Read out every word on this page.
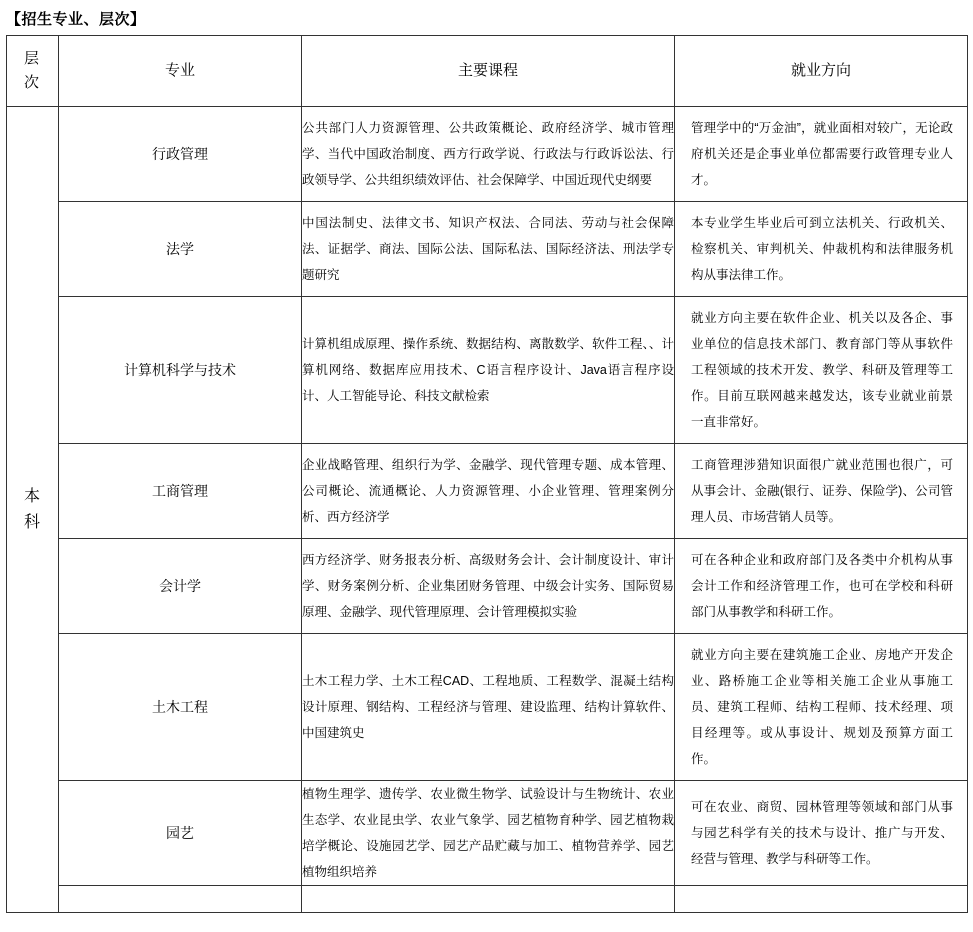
【招生专业、层次】
层
次	专业	主要课程	就业方向

本
科	行政管理	公共部门人力资源管理、公共政策概论、政府经济学、城市管理学、当代中国政治制度、西方行政学说、行政法与行政诉讼法、行政领导学、公共组织绩效评估、社会保障学、中国近现代史纲要	管理学中的“万金油”，就业面相对较广，无论政府机关还是企事业单位都需要行政管理专业人才。
	法学	中国法制史、法律文书、知识产权法、合同法、劳动与社会保障法、证据学、商法、国际公法、国际私法、国际经济法、刑法学专题研究	本专业学生毕业后可到立法机关、行政机关、检察机关、审判机关、仲裁机构和法律服务机构从事法律工作。
	计算机科学与技术	计算机组成原理、操作系统、数据结构、离散数学、软件工程、、计算机网络、数据库应用技术、C语言程序设计、Java语言程序设计、人工智能导论、科技文献检索	就业方向主要在软件企业、机关以及各企、事业单位的信息技术部门、教育部门等从事软件工程领域的技术开发、教学、科研及管理等工作。目前互联网越来越发达，该专业就业前景一直非常好。
	工商管理	企业战略管理、组织行为学、金融学、现代管理专题、成本管理、公司概论、流通概论、人力资源管理、小企业管理、管理案例分析、西方经济学	工商管理涉猎知识面很广就业范围也很广，可从事会计、金融(银行、证券、保险学)、公司管理人员、市场营销人员等。
	会计学	西方经济学、财务报表分析、高级财务会计、会计制度设计、审计学、财务案例分析、企业集团财务管理、中级会计实务、国际贸易原理、金融学、现代管理原理、会计管理模拟实验	可在各种企业和政府部门及各类中介机构从事会计工作和经济管理工作，也可在学校和科研部门从事教学和科研工作。
	土木工程	土木工程力学、土木工程CAD、工程地质、工程数学、混凝土结构设计原理、钢结构、工程经济与管理、建设监理、结构计算软件、中国建筑史	就业方向主要在建筑施工企业、房地产开发企业、路桥施工企业等相关施工企业从事施工员、建筑工程师、结构工程师、技术经理、项目经理等。或从事设计、规划及预算方面工作。
	园艺	植物生理学、遗传学、农业微生物学、试验设计与生物统计、农业生态学、农业昆虫学、农业气象学、园艺植物育种学、园艺植物栽培学概论、设施园艺学、园艺产品贮藏与加工、植物营养学、园艺植物组织培养	可在农业、商贸、园林管理等领域和部门从事与园艺科学有关的技术与设计、推广与开发、经营与管理、教学与科研等工作。
